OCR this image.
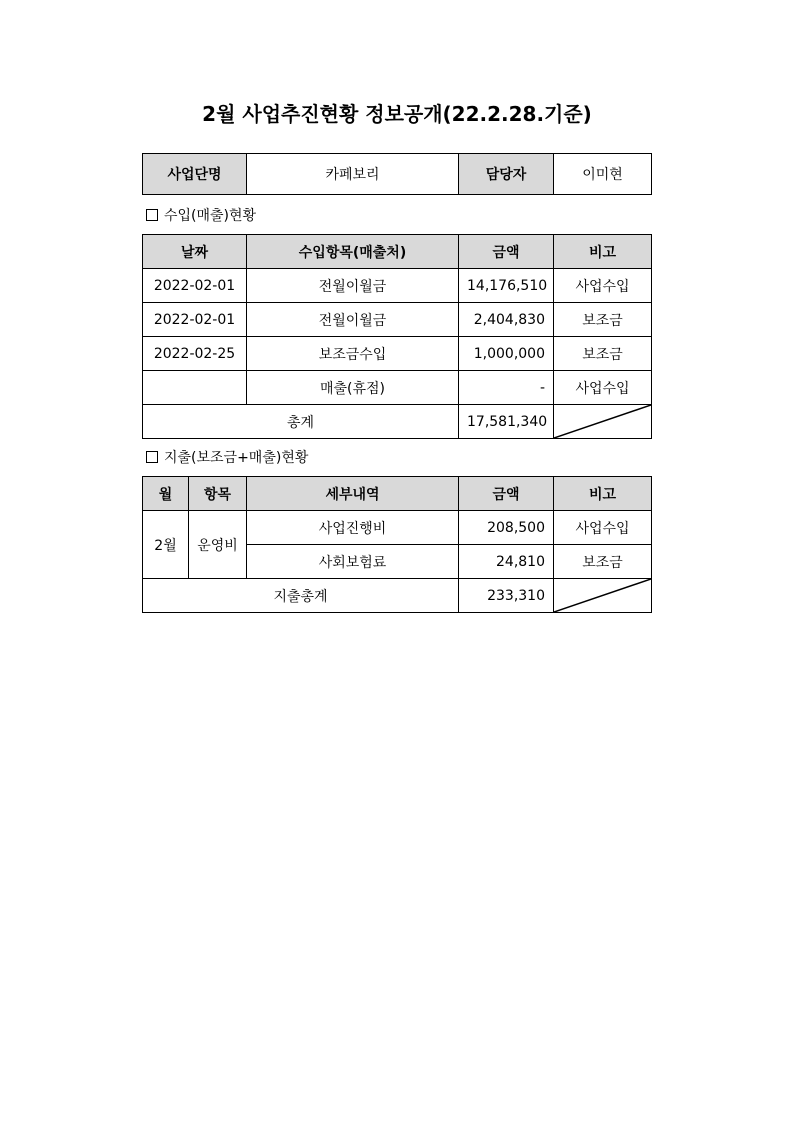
2월 사업추진현황 정보공개(22.2.28.기준)
사업단명	카페보리	담당자	이미현
수입(매출)현황
날짜	수입항목(매출처)	금액	비고
2022-02-01	전월이월금	14,176,510	사업수입
2022-02-01	전월이월금	2,404,830	보조금
2022-02-25	보조금수입	1,000,000	보조금
	매출(휴점)	-	사업수입
총계		17,581,340	
지출(보조금+매출)현황
월	항목	세부내역	금액	비고
2월	운영비	사업진행비	208,500	사업수입
		사회보험료	24,810	보조금
지출총계			233,310	
